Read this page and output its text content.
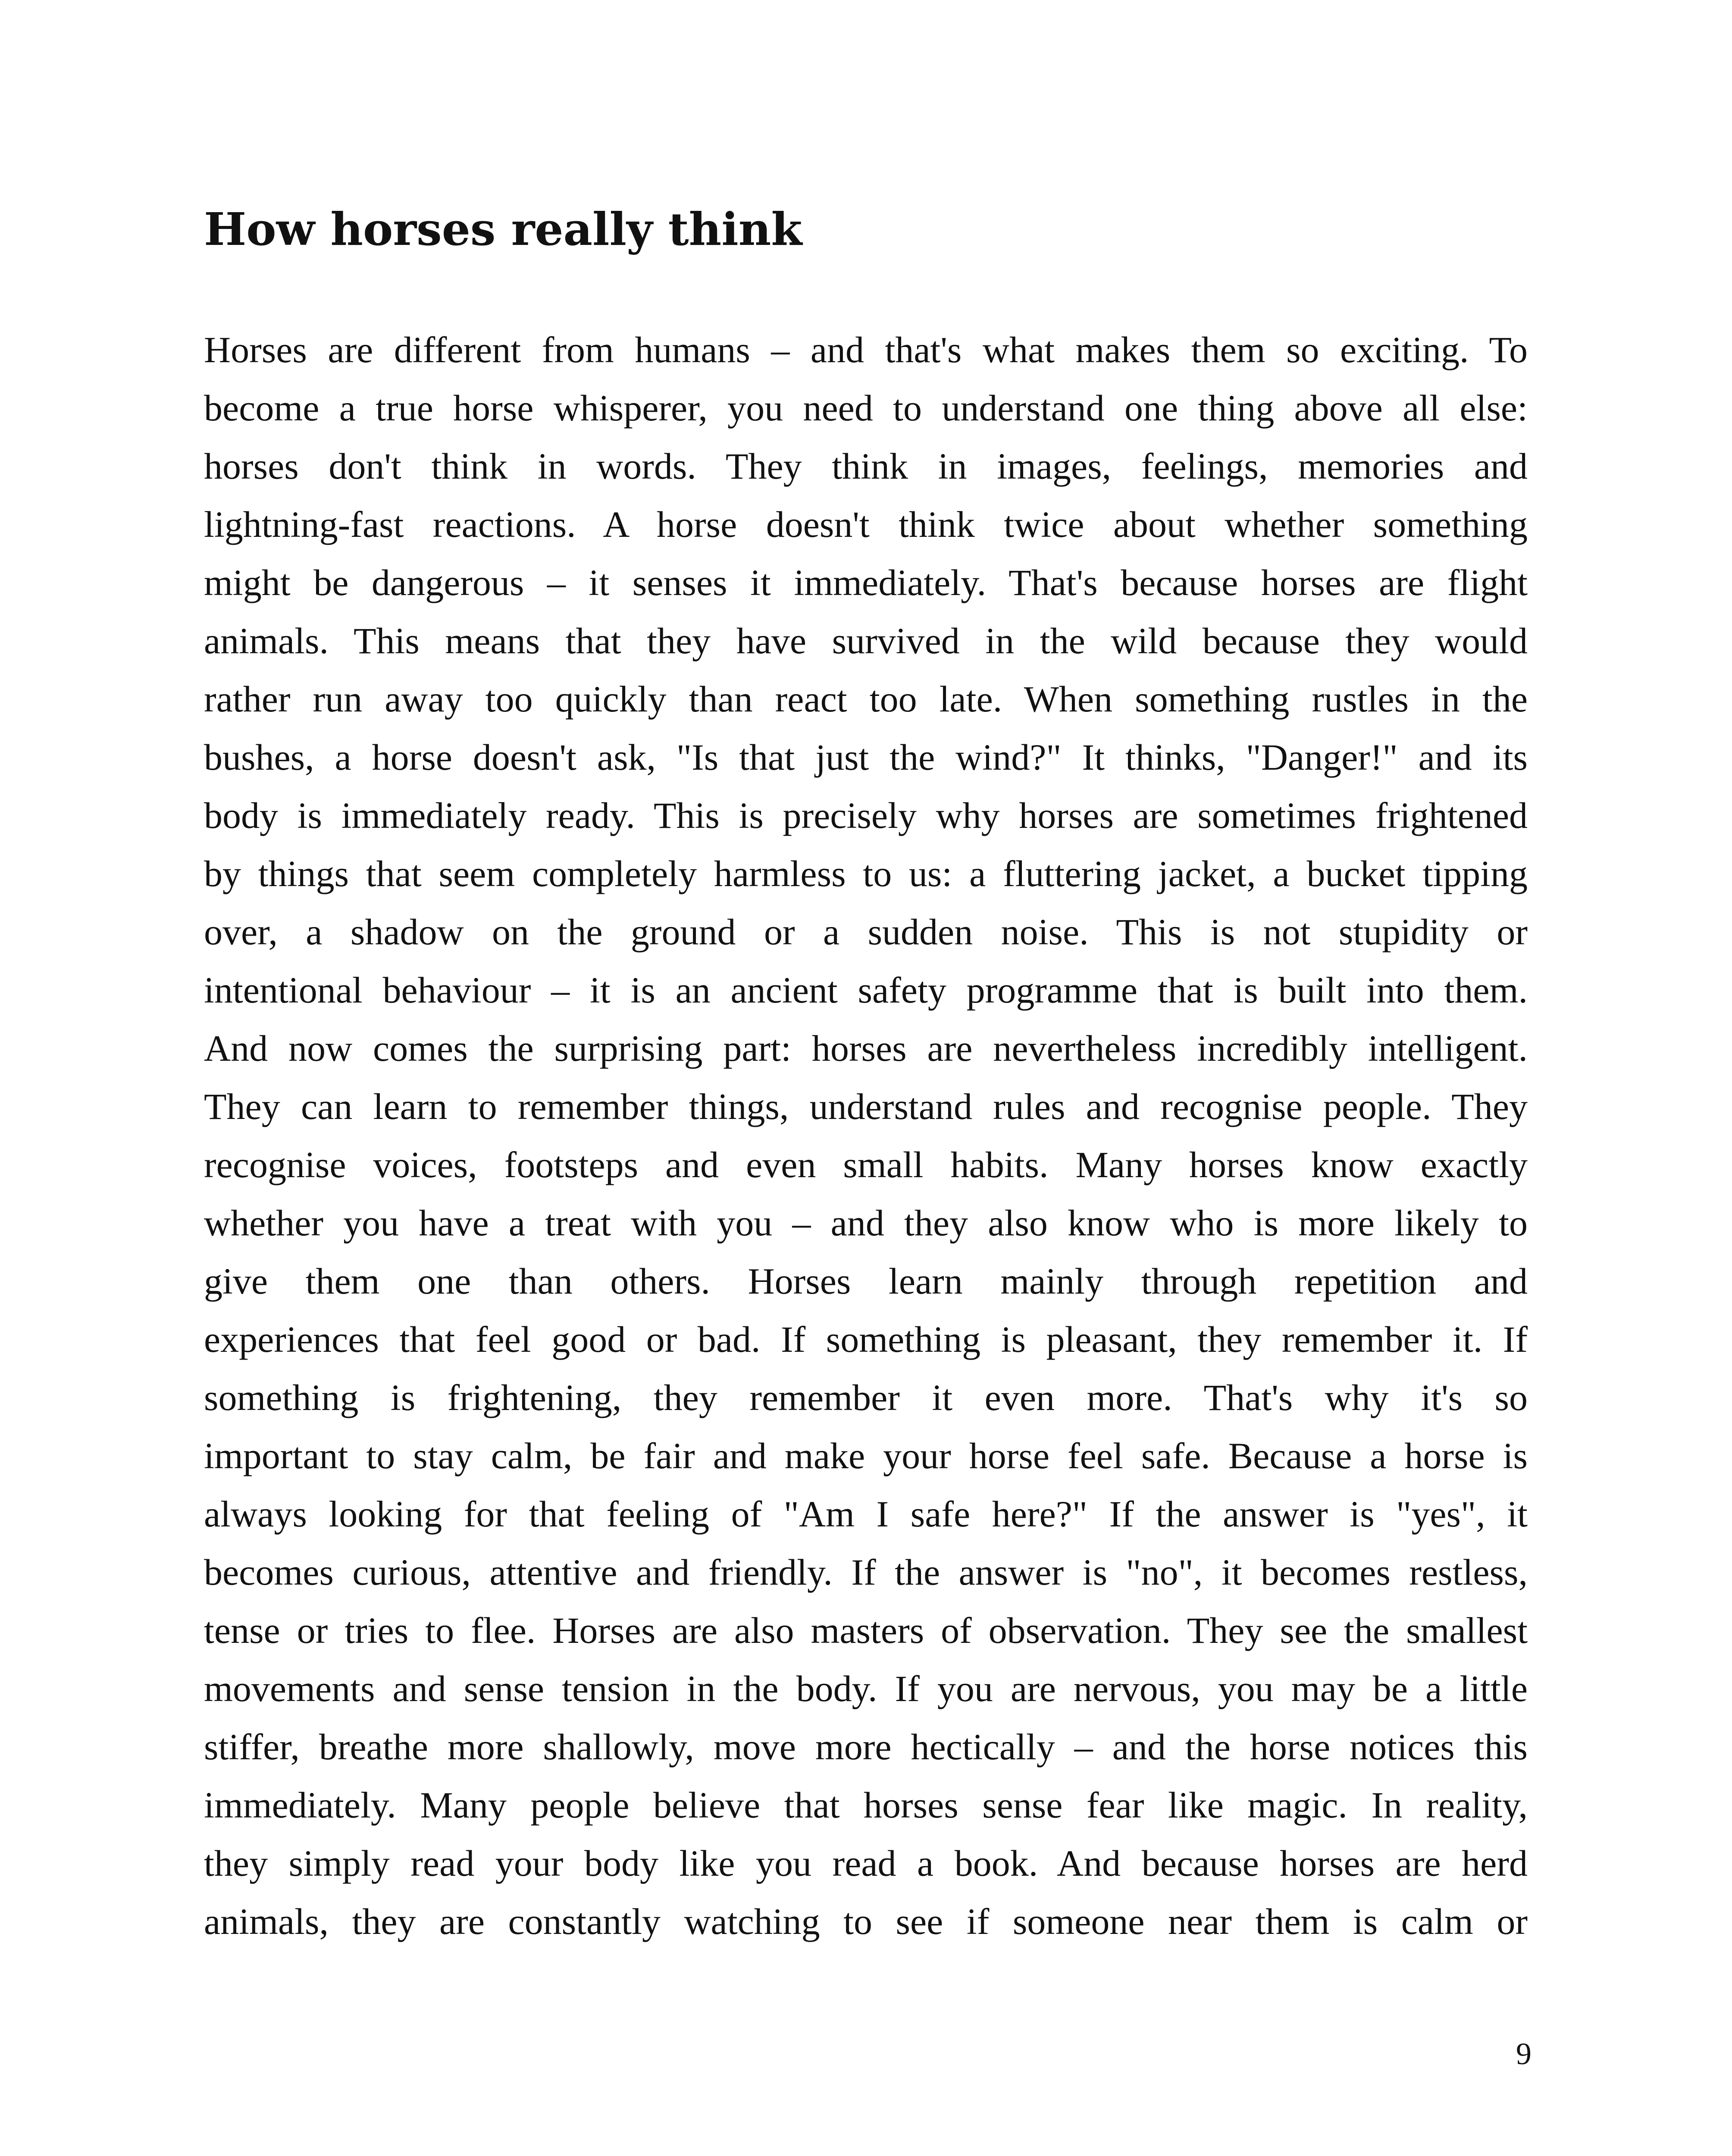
How horses really think
Horses are different from humans – and that's what makes them so exciting. To
become a true horse whisperer, you need to understand one thing above all else:
horses don't think in words. They think in images, feelings, memories and
lightning-fast reactions. A horse doesn't think twice about whether something
might be dangerous – it senses it immediately. That's because horses are flight
animals. This means that they have survived in the wild because they would
rather run away too quickly than react too late. When something rustles in the
bushes, a horse doesn't ask, "Is that just the wind?" It thinks, "Danger!" and its
body is immediately ready. This is precisely why horses are sometimes frightened
by things that seem completely harmless to us: a fluttering jacket, a bucket tipping
over, a shadow on the ground or a sudden noise. This is not stupidity or
intentional behaviour – it is an ancient safety programme that is built into them.
And now comes the surprising part: horses are nevertheless incredibly intelligent.
They can learn to remember things, understand rules and recognise people. They
recognise voices, footsteps and even small habits. Many horses know exactly
whether you have a treat with you – and they also know who is more likely to
give them one than others. Horses learn mainly through repetition and
experiences that feel good or bad. If something is pleasant, they remember it. If
something is frightening, they remember it even more. That's why it's so
important to stay calm, be fair and make your horse feel safe. Because a horse is
always looking for that feeling of "Am I safe here?" If the answer is "yes", it
becomes curious, attentive and friendly. If the answer is "no", it becomes restless,
tense or tries to flee. Horses are also masters of observation. They see the smallest
movements and sense tension in the body. If you are nervous, you may be a little
stiffer, breathe more shallowly, move more hectically – and the horse notices this
immediately. Many people believe that horses sense fear like magic. In reality,
they simply read your body like you read a book. And because horses are herd
animals, they are constantly watching to see if someone near them is calm or
9
